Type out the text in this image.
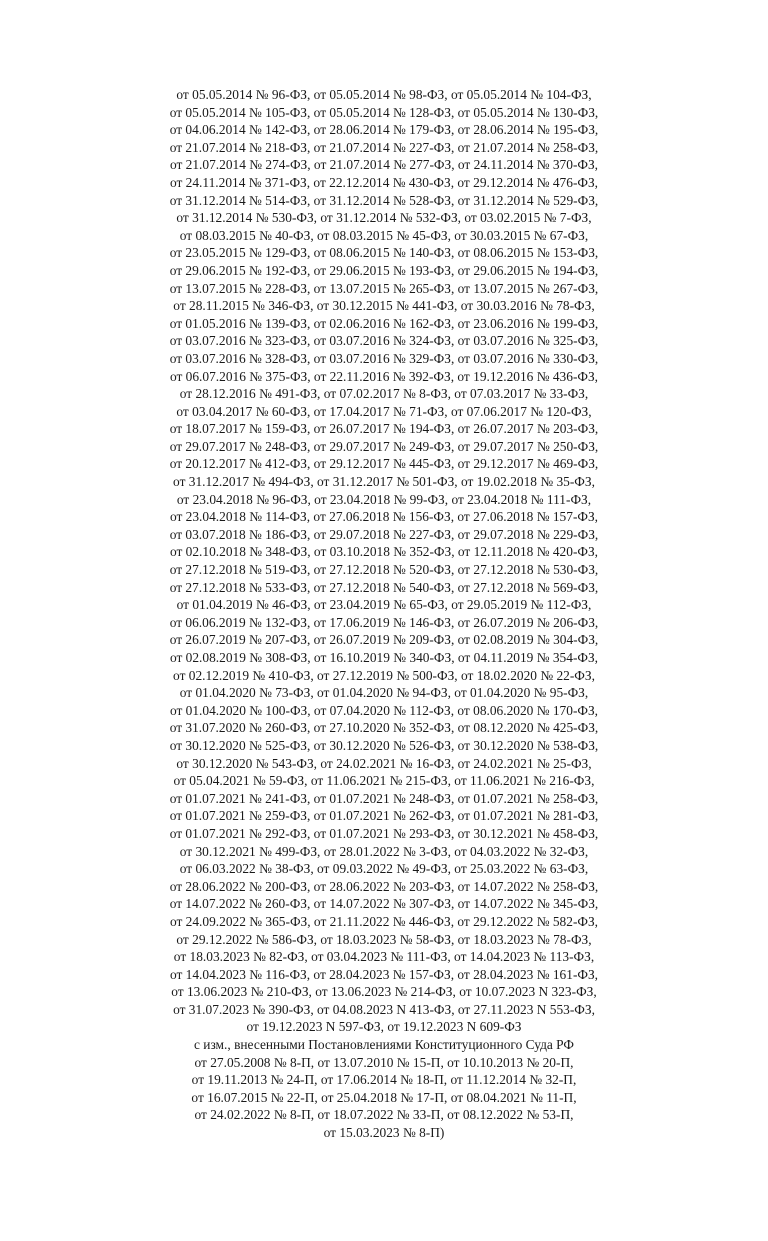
от 05.05.2014 № 96-ФЗ, от 05.05.2014 № 98-ФЗ, от 05.05.2014 № 104-ФЗ,
от 05.05.2014 № 105-ФЗ, от 05.05.2014 № 128-ФЗ, от 05.05.2014 № 130-ФЗ,
от 04.06.2014 № 142-ФЗ, от 28.06.2014 № 179-ФЗ, от 28.06.2014 № 195-ФЗ,
от 21.07.2014 № 218-ФЗ, от 21.07.2014 № 227-ФЗ, от 21.07.2014 № 258-ФЗ,
от 21.07.2014 № 274-ФЗ, от 21.07.2014 № 277-ФЗ, от 24.11.2014 № 370-ФЗ,
от 24.11.2014 № 371-ФЗ, от 22.12.2014 № 430-ФЗ, от 29.12.2014 № 476-ФЗ,
от 31.12.2014 № 514-ФЗ, от 31.12.2014 № 528-ФЗ, от 31.12.2014 № 529-ФЗ,
от 31.12.2014 № 530-ФЗ, от 31.12.2014 № 532-ФЗ, от 03.02.2015 № 7-ФЗ,
от 08.03.2015 № 40-ФЗ, от 08.03.2015 № 45-ФЗ, от 30.03.2015 № 67-ФЗ,
от 23.05.2015 № 129-ФЗ, от 08.06.2015 № 140-ФЗ, от 08.06.2015 № 153-ФЗ,
от 29.06.2015 № 192-ФЗ, от 29.06.2015 № 193-ФЗ, от 29.06.2015 № 194-ФЗ,
от 13.07.2015 № 228-ФЗ, от 13.07.2015 № 265-ФЗ, от 13.07.2015 № 267-ФЗ,
от 28.11.2015 № 346-ФЗ, от 30.12.2015 № 441-ФЗ, от 30.03.2016 № 78-ФЗ,
от 01.05.2016 № 139-ФЗ, от 02.06.2016 № 162-ФЗ, от 23.06.2016 № 199-ФЗ,
от 03.07.2016 № 323-ФЗ, от 03.07.2016 № 324-ФЗ, от 03.07.2016 № 325-ФЗ,
от 03.07.2016 № 328-ФЗ, от 03.07.2016 № 329-ФЗ, от 03.07.2016 № 330-ФЗ,
от 06.07.2016 № 375-ФЗ, от 22.11.2016 № 392-ФЗ, от 19.12.2016 № 436-ФЗ,
от 28.12.2016 № 491-ФЗ, от 07.02.2017 № 8-ФЗ, от 07.03.2017 № 33-ФЗ,
от 03.04.2017 № 60-ФЗ, от 17.04.2017 № 71-ФЗ, от 07.06.2017 № 120-ФЗ,
от 18.07.2017 № 159-ФЗ, от 26.07.2017 № 194-ФЗ, от 26.07.2017 № 203-ФЗ,
от 29.07.2017 № 248-ФЗ, от 29.07.2017 № 249-ФЗ, от 29.07.2017 № 250-ФЗ,
от 20.12.2017 № 412-ФЗ, от 29.12.2017 № 445-ФЗ, от 29.12.2017 № 469-ФЗ,
от 31.12.2017 № 494-ФЗ, от 31.12.2017 № 501-ФЗ, от 19.02.2018 № 35-ФЗ,
от 23.04.2018 № 96-ФЗ, от 23.04.2018 № 99-ФЗ, от 23.04.2018 № 111-ФЗ,
от 23.04.2018 № 114-ФЗ, от 27.06.2018 № 156-ФЗ, от 27.06.2018 № 157-ФЗ,
от 03.07.2018 № 186-ФЗ, от 29.07.2018 № 227-ФЗ, от 29.07.2018 № 229-ФЗ,
от 02.10.2018 № 348-ФЗ, от 03.10.2018 № 352-ФЗ, от 12.11.2018 № 420-ФЗ,
от 27.12.2018 № 519-ФЗ, от 27.12.2018 № 520-ФЗ, от 27.12.2018 № 530-ФЗ,
от 27.12.2018 № 533-ФЗ, от 27.12.2018 № 540-ФЗ, от 27.12.2018 № 569-ФЗ,
от 01.04.2019 № 46-ФЗ, от 23.04.2019 № 65-ФЗ, от 29.05.2019 № 112-ФЗ,
от 06.06.2019 № 132-ФЗ, от 17.06.2019 № 146-ФЗ, от 26.07.2019 № 206-ФЗ,
от 26.07.2019 № 207-ФЗ, от 26.07.2019 № 209-ФЗ, от 02.08.2019 № 304-ФЗ,
от 02.08.2019 № 308-ФЗ, от 16.10.2019 № 340-ФЗ, от 04.11.2019 № 354-ФЗ,
от 02.12.2019 № 410-ФЗ, от 27.12.2019 № 500-ФЗ, от 18.02.2020 № 22-ФЗ,
от 01.04.2020 № 73-ФЗ, от 01.04.2020 № 94-ФЗ, от 01.04.2020 № 95-ФЗ,
от 01.04.2020 № 100-ФЗ, от 07.04.2020 № 112-ФЗ, от 08.06.2020 № 170-ФЗ,
от 31.07.2020 № 260-ФЗ, от 27.10.2020 № 352-ФЗ, от 08.12.2020 № 425-ФЗ,
от 30.12.2020 № 525-ФЗ, от 30.12.2020 № 526-ФЗ, от 30.12.2020 № 538-ФЗ,
от 30.12.2020 № 543-ФЗ, от 24.02.2021 № 16-ФЗ, от 24.02.2021 № 25-ФЗ,
от 05.04.2021 № 59-ФЗ, от 11.06.2021 № 215-ФЗ, от 11.06.2021 № 216-ФЗ,
от 01.07.2021 № 241-ФЗ, от 01.07.2021 № 248-ФЗ, от 01.07.2021 № 258-ФЗ,
от 01.07.2021 № 259-ФЗ, от 01.07.2021 № 262-ФЗ, от 01.07.2021 № 281-ФЗ,
от 01.07.2021 № 292-ФЗ, от 01.07.2021 № 293-ФЗ, от 30.12.2021 № 458-ФЗ,
от 30.12.2021 № 499-ФЗ, от 28.01.2022 № 3-ФЗ, от 04.03.2022 № 32-ФЗ,
от 06.03.2022 № 38-ФЗ, от 09.03.2022 № 49-ФЗ, от 25.03.2022 № 63-ФЗ,
от 28.06.2022 № 200-ФЗ, от 28.06.2022 № 203-ФЗ, от 14.07.2022 № 258-ФЗ,
от 14.07.2022 № 260-ФЗ, от 14.07.2022 № 307-ФЗ, от 14.07.2022 № 345-ФЗ,
от 24.09.2022 № 365-ФЗ, от 21.11.2022 № 446-ФЗ, от 29.12.2022 № 582-ФЗ,
от 29.12.2022 № 586-ФЗ, от 18.03.2023 № 58-ФЗ, от 18.03.2023 № 78-ФЗ,
от 18.03.2023 № 82-ФЗ, от 03.04.2023 № 111-ФЗ, от 14.04.2023 № 113-ФЗ,
от 14.04.2023 № 116-ФЗ, от 28.04.2023 № 157-ФЗ, от 28.04.2023 № 161-ФЗ,
от 13.06.2023 № 210-ФЗ, от 13.06.2023 № 214-ФЗ, от 10.07.2023 N 323-ФЗ,
от 31.07.2023 № 390-ФЗ, от 04.08.2023 N 413-ФЗ, от 27.11.2023 N 553-ФЗ,
от 19.12.2023 N 597-ФЗ, от 19.12.2023 N 609-ФЗ
с изм., внесенными Постановлениями Конституционного Суда РФ
от 27.05.2008 № 8-П, от 13.07.2010 № 15-П, от 10.10.2013 № 20-П,
от 19.11.2013 № 24-П, от 17.06.2014 № 18-П, от 11.12.2014 № 32-П,
от 16.07.2015 № 22-П, от 25.04.2018 № 17-П, от 08.04.2021 № 11-П,
от 24.02.2022 № 8-П, от 18.07.2022 № 33-П, от 08.12.2022 № 53-П,
от 15.03.2023 № 8-П)
